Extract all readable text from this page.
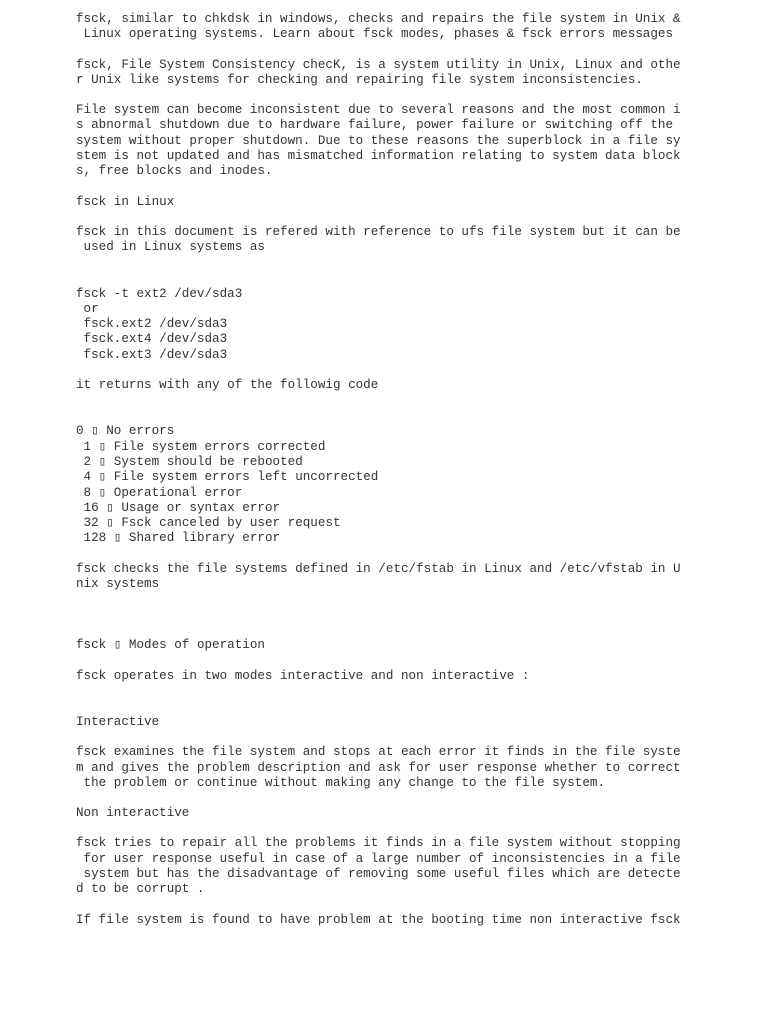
fsck, similar to chkdsk in windows, checks and repairs the file system in Unix &
Linux operating systems. Learn about fsck modes, phases & fsck errors messages
fsck, File System Consistency checK, is a system utility in Unix, Linux and othe
r Unix like systems for checking and repairing file system inconsistencies.
File system can become inconsistent due to several reasons and the most common i
s abnormal shutdown due to hardware failure, power failure or switching off the
system without proper shutdown. Due to these reasons the superblock in a file sy
stem is not updated and has mismatched information relating to system data block
s, free blocks and inodes.
fsck in Linux
fsck in this document is refered with reference to ufs file system but it can be
used in Linux systems as
fsck -t ext2 /dev/sda3
or
fsck.ext2 /dev/sda3
fsck.ext4 /dev/sda3
fsck.ext3 /dev/sda3
it returns with any of the followig code
0 ▯ No errors
1 ▯ File system errors corrected
2 ▯ System should be rebooted
4 ▯ File system errors left uncorrected
8 ▯ Operational error
16 ▯ Usage or syntax error
32 ▯ Fsck canceled by user request
128 ▯ Shared library error
fsck checks the file systems defined in /etc/fstab in Linux and /etc/vfstab in U
nix systems
fsck ▯ Modes of operation
fsck operates in two modes interactive and non interactive :
Interactive
fsck examines the file system and stops at each error it finds in the file syste
m and gives the problem description and ask for user response whether to correct
the problem or continue without making any change to the file system.
Non interactive
fsck tries to repair all the problems it finds in a file system without stopping
for user response useful in case of a large number of inconsistencies in a file
system but has the disadvantage of removing some useful files which are detecte
d to be corrupt .
If file system is found to have problem at the booting time non interactive fsck
